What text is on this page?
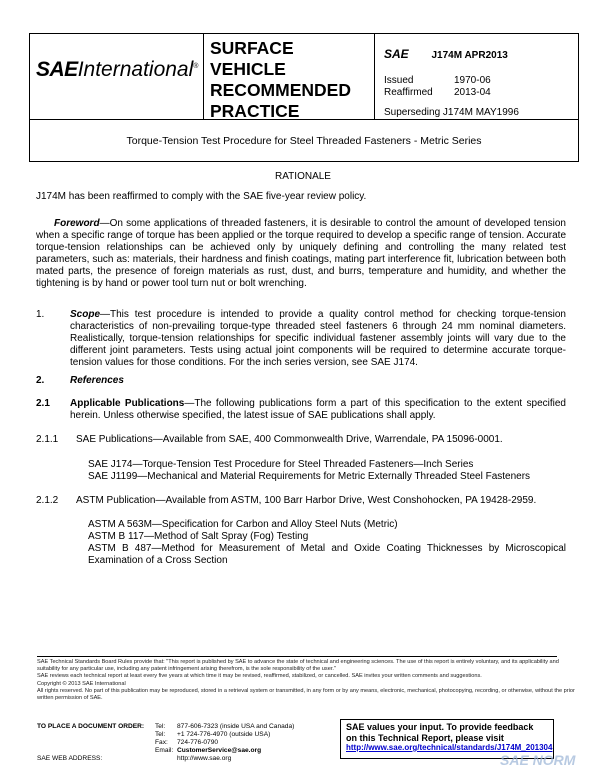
SAEInternational®
SURFACE
VEHICLE
RECOMMENDED
PRACTICE
SAE J174M APR2013
Issued	1970-06
Reaffirmed 2013-04
Superseding J174M MAY1996
Torque-Tension Test Procedure for Steel Threaded Fasteners - Metric Series
RATIONALE
J174M has been reaffirmed to comply with the SAE five-year review policy.
Foreword—On some applications of threaded fasteners, it is desirable to control the amount of developed tension when a specific range of torque has been applied or the torque required to develop a specific range of tension. Accurate torque-tension relationships can be achieved only by uniquely defining and controlling the many related test parameters, such as: materials, their hardness and finish coatings, mating part interference fit, lubrication between both mated parts, the presence of foreign materials as rust, dust, and burrs, temperature and humidity, and whether the tightening is by hand or power tool turn nut or bolt wrenching.
1.	Scope—This test procedure is intended to provide a quality control method for checking torque-tension characteristics of non-prevailing torque-type threaded steel fasteners 6 through 24 mm nominal diameters. Realistically, torque-tension relationships for specific individual fastener assembly joints will vary due to the different joint parameters. Tests using actual joint components will be required to determine accurate torque-tension values for those conditions. For the inch series version, see SAE J174.
2.	References
2.1 Applicable Publications—The following publications form a part of this specification to the extent specified herein. Unless otherwise specified, the latest issue of SAE publications shall apply.
2.1.1 SAE Publications—Available from SAE, 400 Commonwealth Drive, Warrendale, PA 15096-0001.
SAE J174—Torque-Tension Test Procedure for Steel Threaded Fasteners—Inch Series
SAE J1199—Mechanical and Material Requirements for Metric Externally Threaded Steel Fasteners
2.1.2 ASTM Publication—Available from ASTM, 100 Barr Harbor Drive, West Conshohocken, PA 19428-2959.
ASTM A 563M—Specification for Carbon and Alloy Steel Nuts (Metric)
ASTM B 117—Method of Salt Spray (Fog) Testing
ASTM B 487—Method for Measurement of Metal and Oxide Coating Thicknesses by Microscopical Examination of a Cross Section

SAE Technical Standards Board Rules provide that: "This report is published by SAE to advance the state of technical and engineering sciences. The use of this report is entirely voluntary, and its applicability and suitability for any particular use, including any patent infringement arising therefrom, is the sole responsibility of the user."

SAE reviews each technical report at least every five years at which time it may be revised, reaffirmed, stabilized, or cancelled. SAE invites your written comments and suggestions.

Copyright © 2013 SAE International

All rights reserved. No part of this publication may be reproduced, stored in a retrieval system or transmitted, in any form or by any means, electronic, mechanical, photocopying, recording, or otherwise, without the prior written permission of SAE.

TO PLACE A DOCUMENT ORDER: Tel: 877-606-7323 (inside USA and Canada)
Tel: +1 724-776-4970 (outside USA)
Fax: 724-776-0790
Email: CustomerService@sae.org
SAE WEB ADDRESS:	http://www.sae.org
SAE values your input. To provide feedback
on this Technical Report, please visit
http://www.sae.org/technical/standards/J174M_201304
SAE NORM
